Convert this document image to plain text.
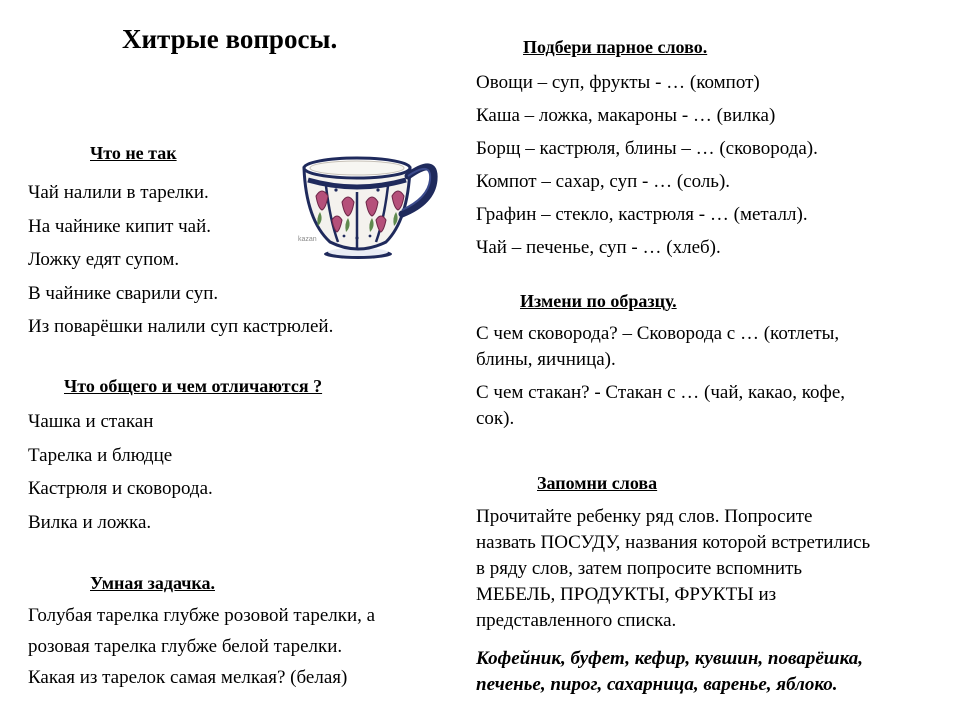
Хитрые вопросы.
Что не так
Чай налили в тарелки.
На чайнике кипит чай.
Ложку едят супом.
В чайнике сварили суп.
Из поварёшки налили суп кастрюлей.
Что общего и чем отличаются ?
Чашка и стакан
Тарелка и блюдце
Кастрюля и сковорода.
Вилка и ложка.
Умная задачка.

Голубая тарелка глубже розовой тарелки, а

розовая тарелка глубже белой тарелки.

Какая из тарелок самая мелкая? (белая)

kazan
Подбери парное слово.
Овощи – суп, фрукты - … (компот)
Каша – ложка, макароны - … (вилка)
Борщ – кастрюля, блины – … (сковорода).
Компот – сахар, суп - … (соль).
Графин – стекло, кастрюля - … (металл).
Чай – печенье, суп - … (хлеб).
Измени по образцу.

С чем сковорода? – Сковорода с … (котлеты,

блины, яичница).

С чем стакан? - Стакан с … (чай, какао, кофе,

сок).

Запомни слова

Прочитайте ребенку ряд слов. Попросите

назвать ПОСУДУ, названия которой встретились

в ряду слов, затем попросите вспомнить

МЕБЕЛЬ, ПРОДУКТЫ, ФРУКТЫ из

представленного списка.

Кофейник, буфет, кефир, кувшин, поварёшка,

печенье, пирог, сахарница, варенье, яблоко.
